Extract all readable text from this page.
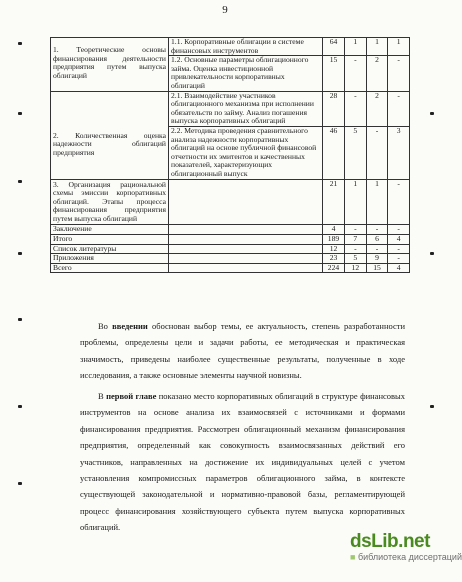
9
1. Теоретические основы финансирования деятельности предприятия путем выпуска облигаций	1.1. Корпоративные облигации в системе финансовых инструментов	64	1	1	1
	1.2. Основные параметры облигационного займа. Оценка инвестиционной привлекательности корпоративных облигаций	15	-	2	-
2. Количественная оценка надежности облигаций предприятия	2.1. Взаимодействие участников облигационного механизма при исполнении обязательств по займу. Анализ погашения выпуска корпоративных облигаций	28	-	2	-
	2.2. Методика проведения сравнительного анализа надежности корпоративных облигаций на основе публичной финансовой отчетности их эмитентов и качественных показателей, характеризующих облигационный выпуск	46	5	-	3
3. Организация рациональной схемы эмиссии корпоративных облигаций. Этапы процесса финансирования предприятия путем выпуска облигаций		21	1	1	-
Заключение		4	-	-	-
Итого		189	7	6	4
Список литературы		12	-	-	-
Приложения		23	5	9	-
Всего		224	12	15	4

Во введении обоснован выбор темы, ее актуальность, степень разработанности проблемы, определены цели и задачи работы, ее методическая и практическая значимость, приведены наиболее существенные результаты, полученные в ходе исследования, а также основные элементы научной новизны.

В первой главе показано место корпоративных облигаций в структуре финансовых инструментов на основе анализа их взаимосвязей с источниками и формами финансирования предприятия. Рассмотрен облигационный механизм финансирования предприятия, определенный как совокупность взаимосвязанных действий его участников, направленных на достижение их индивидуальных целей с учетом установления компромиссных параметров облигационного займа, в контексте существующей законодательной и нормативно-правовой базы, регламентирующей процесс финансирования хозяйствующего субъекта путем выпуска корпоративных облигаций.

dsLib.net
■ библиотека диссертаций
